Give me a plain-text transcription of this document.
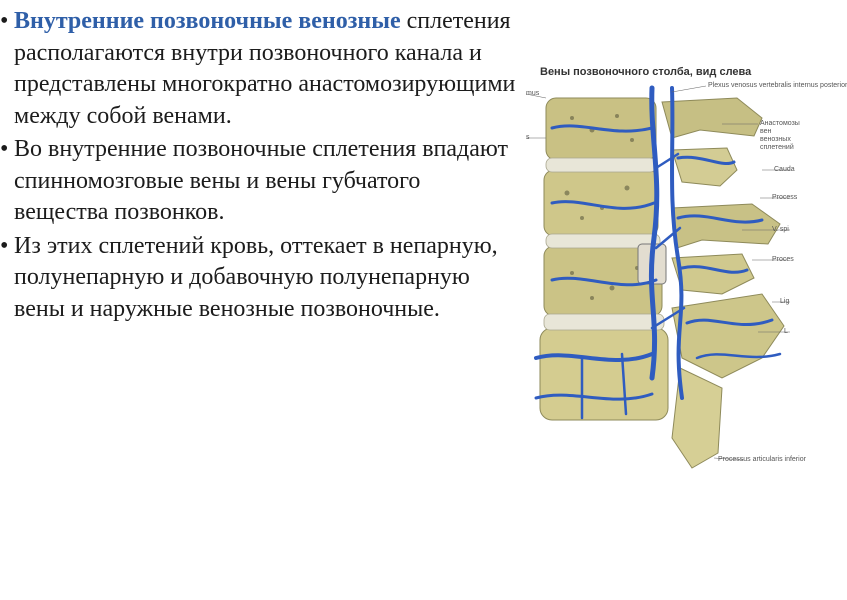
• Внутренние позвоночные венозные сплетения располагаются внутри позвоночного канала и представлены многократно анастомозирующими между собой венами.

• Во внутренние позвоночные сплетения впадают спинномозговые вены и вены губчатого вещества позвонков.

• Из этих сплетений кровь, оттекает в непарную, полунепарную и добавочную полунепарную вены и наружные венозные позвоночные.

Вены позвоночного столба, вид слева
Plexus venosus vertebralis internus posterior
Анастомозы вен венозных сплетений
Cauda
Process
V. spi
Proces
Lig
L
Processus articularis inferior
mus
s
